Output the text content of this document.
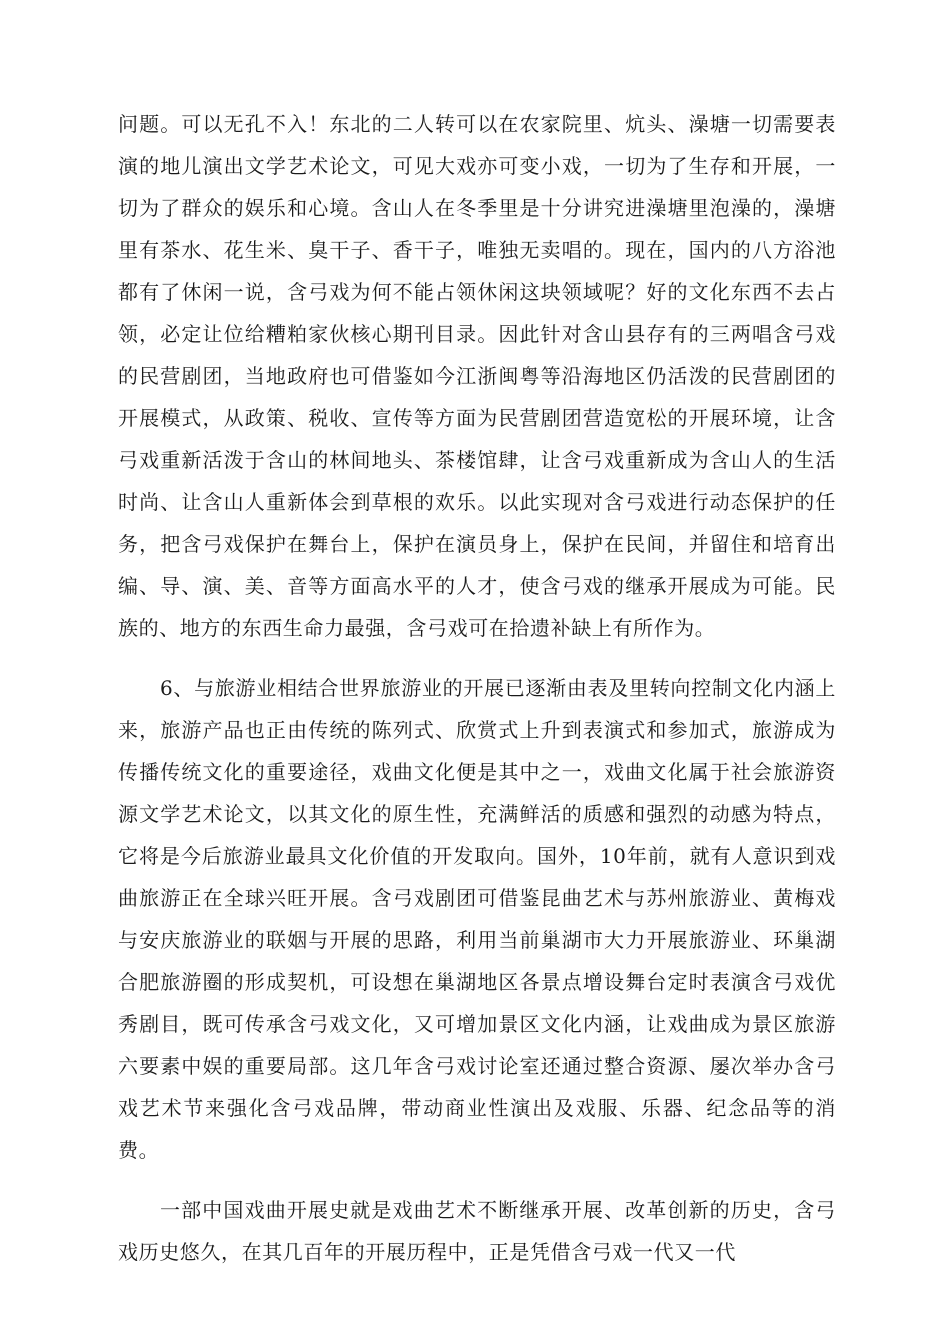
问题。可以无孔不入！东北的二人转可以在农家院里、炕头、澡塘一切需要表演的地儿演出文学艺术论文，可见大戏亦可变小戏，一切为了生存和开展，一切为了群众的娱乐和心境。含山人在冬季里是十分讲究进澡塘里泡澡的，澡塘里有茶水、花生米、臭干子、香干子，唯独无卖唱的。现在，国内的八方浴池都有了休闲一说，含弓戏为何不能占领休闲这块领域呢？好的文化东西不去占领，必定让位给糟粕家伙核心期刊目录。因此针对含山县存有的三两唱含弓戏的民营剧团，当地政府也可借鉴如今江浙闽粤等沿海地区仍活泼的民营剧团的开展模式，从政策、税收、宣传等方面为民营剧团营造宽松的开展环境，让含弓戏重新活泼于含山的林间地头、茶楼馆肆，让含弓戏重新成为含山人的生活时尚、让含山人重新体会到草根的欢乐。以此实现对含弓戏进行动态保护的任务，把含弓戏保护在舞台上，保护在演员身上，保护在民间，并留住和培育出编、导、演、美、音等方面高水平的人才，使含弓戏的继承开展成为可能。民族的、地方的东西生命力最强，含弓戏可在拾遗补缺上有所作为。

6、与旅游业相结合世界旅游业的开展已逐渐由表及里转向控制文化内涵上来，旅游产品也正由传统的陈列式、欣赏式上升到表演式和参加式，旅游成为传播传统文化的重要途径，戏曲文化便是其中之一，戏曲文化属于社会旅游资源文学艺术论文，以其文化的原生性，充满鲜活的质感和强烈的动感为特点，它将是今后旅游业最具文化价值的开发取向。国外，10年前，就有人意识到戏曲旅游正在全球兴旺开展。含弓戏剧团可借鉴昆曲艺术与苏州旅游业、黄梅戏与安庆旅游业的联姻与开展的思路，利用当前巢湖市大力开展旅游业、环巢湖合肥旅游圈的形成契机，可设想在巢湖地区各景点增设舞台定时表演含弓戏优秀剧目，既可传承含弓戏文化，又可增加景区文化内涵，让戏曲成为景区旅游六要素中娱的重要局部。这几年含弓戏讨论室还通过整合资源、屡次举办含弓戏艺术节来强化含弓戏品牌，带动商业性演出及戏服、乐器、纪念品等的消费。

一部中国戏曲开展史就是戏曲艺术不断继承开展、改革创新的历史，含弓戏历史悠久，在其几百年的开展历程中，正是凭借含弓戏一代又一代
